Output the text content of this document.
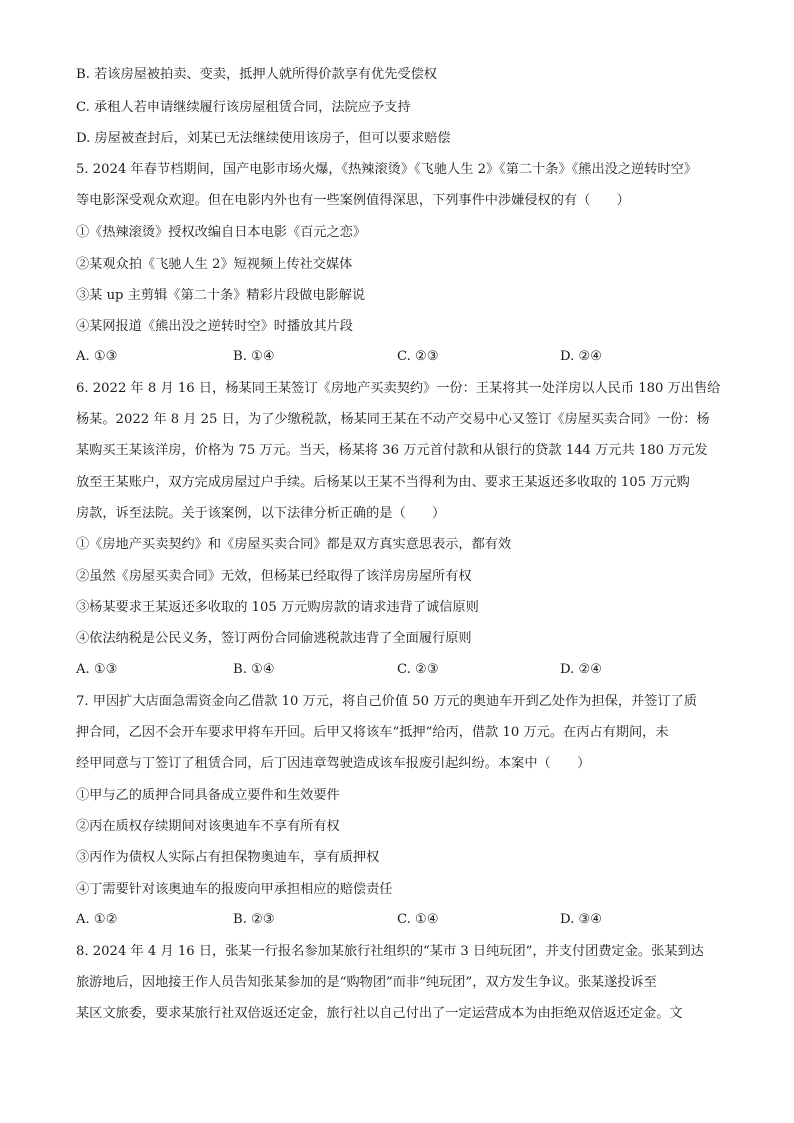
B. 若该房屋被拍卖、变卖，抵押人就所得价款享有优先受偿权
C. 承租人若申请继续履行该房屋租赁合同，法院应予支持
D. 房屋被查封后，刘某已无法继续使用该房子，但可以要求赔偿
5. 2024 年春节档期间，国产电影市场火爆，《热辣滚烫》《飞驰人生 2》《第二十条》《熊出没之逆转时空》
等电影深受观众欢迎。但在电影内外也有一些案例值得深思，下列事件中涉嫌侵权的有（　　）
①《热辣滚烫》授权改编自日本电影《百元之恋》
②某观众拍《飞驰人生 2》短视频上传社交媒体
③某 up 主剪辑《第二十条》精彩片段做电影解说
④某网报道《熊出没之逆转时空》时播放其片段
A. ①③	B. ①④	C. ②③	D. ②④
6. 2022 年 8 月 16 日，杨某同王某签订《房地产买卖契约》一份：王某将其一处洋房以人民币 180 万出售给
杨某。2022 年 8 月 25 日，为了少缴税款，杨某同王某在不动产交易中心又签订《房屋买卖合同》一份：杨
某购买王某该洋房，价格为 75 万元。当天，杨某将 36 万元首付款和从银行的贷款 144 万元共 180 万元发
放至王某账户，双方完成房屋过户手续。后杨某以王某不当得利为由、要求王某返还多收取的 105 万元购
房款，诉至法院。关于该案例，以下法律分析正确的是（　　）
①《房地产买卖契约》和《房屋买卖合同》都是双方真实意思表示，都有效
②虽然《房屋买卖合同》无效，但杨某已经取得了该洋房房屋所有权
③杨某要求王某返还多收取的 105 万元购房款的请求违背了诚信原则
④依法纳税是公民义务，签订两份合同偷逃税款违背了全面履行原则
A. ①③	B. ①④	C. ②③	D. ②④
7. 甲因扩大店面急需资金向乙借款 10 万元，将自己价值 50 万元的奥迪车开到乙处作为担保，并签订了质
押合同，乙因不会开车要求甲将车开回。后甲又将该车“抵押”给丙，借款 10 万元。在丙占有期间，未
经甲同意与丁签订了租赁合同，后丁因违章驾驶造成该车报废引起纠纷。本案中（　　）
①甲与乙的质押合同具备成立要件和生效要件
②丙在质权存续期间对该奥迪车不享有所有权
③丙作为债权人实际占有担保物奥迪车，享有质押权
④丁需要针对该奥迪车的报废向甲承担相应的赔偿责任
A. ①②	B. ②③	C. ①④	D. ③④
8. 2024 年 4 月 16 日，张某一行报名参加某旅行社组织的“某市 3 日纯玩团”，并支付团费定金。张某到达
旅游地后，因地接王作人员告知张某参加的是“购物团”而非“纯玩团”，双方发生争议。张某遂投诉至
某区文旅委，要求某旅行社双倍返还定金，旅行社以自己付出了一定运营成本为由拒绝双倍返还定金。文
